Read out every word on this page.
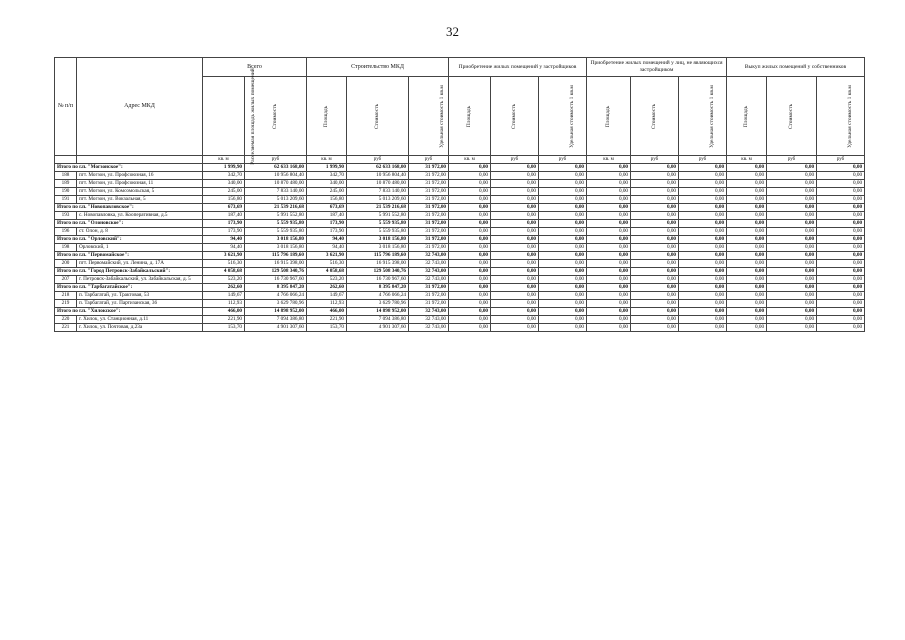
32
№ п/п	Адрес МКД	Всего		Строительство МКД			Приобретение жилых помещений у застройщиков			Приобретение жилых помещений у лиц, не являющихся застройщиком			Выкуп жилых помещений у собственников		
		Расселяемая площадь жилых помещений	Стоимость	Площадь	Стоимость	Удельная стоимость 1 кв.м	Площадь	Стоимость	Удельная стоимость 1 кв.м	Площадь	Стоимость	Удельная стоимость 1 кв.м	Площадь	Стоимость	Удельная стоимость 1 кв.м
		кв. м	руб	кв. м	руб	руб	кв. м	руб	руб	кв. м	руб	руб	кв. м	руб	руб
Итого по г.п. "Могзонское":		1 999,90	62 633 168,00	1 999,90	62 633 168,00	31 972,00	0,00	0,00	0,00	0,00	0,00	0,00	0,00	0,00	0,00
188	пгт. Могзон, ул. Профсоюзная, 16	342,70	10 956 804,40	342,70	10 956 804,40	31 972,00	0,00	0,00	0,00	0,00	0,00	0,00	0,00	0,00	0,00
189	пгт. Могзон, ул. Профсоюзная, 11	340,00	10 870 480,00	340,00	10 870 480,00	31 972,00	0,00	0,00	0,00	0,00	0,00	0,00	0,00	0,00	0,00
190	пгт. Могзон, ул. Комсомольская, 5	245,00	7 833 140,00	245,00	7 833 140,00	31 972,00	0,00	0,00	0,00	0,00	0,00	0,00	0,00	0,00	0,00
191	пгт. Могзон, ул. Вокзальная, 5	156,80	5 013 209,60	156,80	5 013 209,60	31 972,00	0,00	0,00	0,00	0,00	0,00	0,00	0,00	0,00	0,00
Итого по г.п. "Новопавловское":		673,69	21 539 216,68	673,69	21 539 216,68	31 972,00	0,00	0,00	0,00	0,00	0,00	0,00	0,00	0,00	0,00
193	с. Новопавловка, ул. Кооперативная, д.5	187,40	5 991 552,80	187,40	5 991 552,80	31 972,00	0,00	0,00	0,00	0,00	0,00	0,00	0,00	0,00	0,00
Итого по г.п. "Олоновское":		173,90	5 559 935,80	173,90	5 559 935,80	31 972,00	0,00	0,00	0,00	0,00	0,00	0,00	0,00	0,00	0,00
196	ст. Олон, д. 8	173,90	5 559 935,80	173,90	5 559 935,80	31 972,00	0,00	0,00	0,00	0,00	0,00	0,00	0,00	0,00	0,00
Итого по г.п. "Орловский":		94,40	3 018 156,80	94,40	3 018 156,80	31 972,00	0,00	0,00	0,00	0,00	0,00	0,00	0,00	0,00	0,00
198	Орловский, 1	94,40	3 018 156,80	94,40	3 018 156,80	31 972,00	0,00	0,00	0,00	0,00	0,00	0,00	0,00	0,00	0,00
Итого по г.п. "Первомайское":		3 621,90	115 796 189,60	3 621,90	115 796 189,60	32 743,00	0,00	0,00	0,00	0,00	0,00	0,00	0,00	0,00	0,00
200	пгт. Первомайский, ул. Ленина, д. 17А	516,30	16 915 398,00	516,30	16 915 398,00	32 743,00	0,00	0,00	0,00	0,00	0,00	0,00	0,00	0,00	0,00
Итого по г.п. "Город Петровск-Забайкальский":		4 058,68	129 508 340,76	4 058,68	129 508 340,76	32 743,00	0,00	0,00	0,00	0,00	0,00	0,00	0,00	0,00	0,00
207	г. Петровск-Забайкальский, ул. Забайкальская, д. 5	523,20	16 730 967,60	523,20	16 730 967,60	32 743,00	0,00	0,00	0,00	0,00	0,00	0,00	0,00	0,00	0,00
Итого по г.п. "Тарбагатайское":		262,60	8 395 847,20	262,60	8 395 847,20	31 972,00	0,00	0,00	0,00	0,00	0,00	0,00	0,00	0,00	0,00
218	п. Тарбагатай, ул. Трактовая, 53	149,67	4 766 066,24	149,67	4 766 066,24	31 972,00	0,00	0,00	0,00	0,00	0,00	0,00	0,00	0,00	0,00
219	п. Тарбагатай, ул. Партизанская, 36	112,93	3 629 780,96	112,93	3 629 780,96	31 972,00	0,00	0,00	0,00	0,00	0,00	0,00	0,00	0,00	0,00
Итого по г.п. "Хилокское":		466,00	14 898 952,00	466,00	14 898 952,00	32 743,00	0,00	0,00	0,00	0,00	0,00	0,00	0,00	0,00	0,00
220	г. Хилок, ул. Станционная, д.11	221,90	7 094 386,80	221,90	7 094 386,80	32 743,00	0,00	0,00	0,00	0,00	0,00	0,00	0,00	0,00	0,00
221	г. Хилок, ул. Почтовая, д.23а	153,70	4 901 307,60	153,70	4 901 307,60	32 743,00	0,00	0,00	0,00	0,00	0,00	0,00	0,00	0,00	0,00
